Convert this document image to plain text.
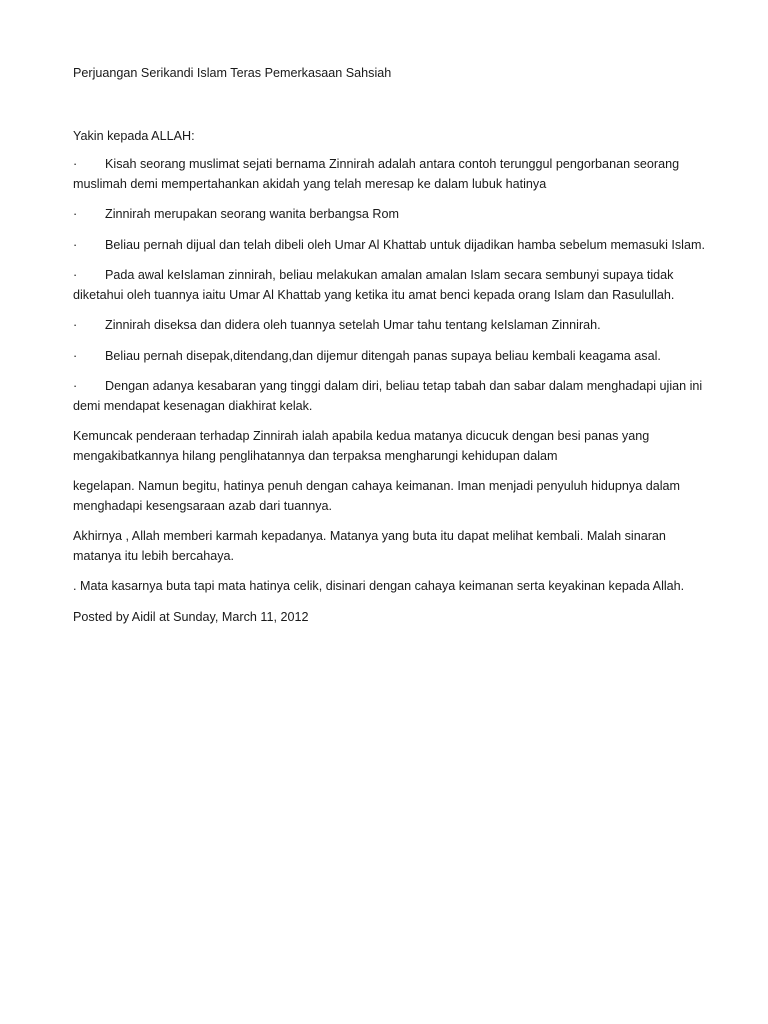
Perjuangan Serikandi Islam Teras Pemerkasaan Sahsiah

Yakin kepada ALLAH:

· Kisah seorang muslimat sejati bernama Zinnirah adalah antara contoh terunggul pengorbanan seorang muslimah demi mempertahankan akidah yang telah meresap ke dalam lubuk hatinya

· Zinnirah merupakan seorang wanita berbangsa Rom

· Beliau pernah dijual dan telah dibeli oleh Umar Al Khattab untuk dijadikan hamba sebelum memasuki Islam.

· Pada awal keIslaman zinnirah, beliau melakukan amalan amalan Islam secara sembunyi supaya tidak diketahui oleh tuannya iaitu Umar Al Khattab yang ketika itu amat benci kepada orang Islam dan Rasulullah.

· Zinnirah diseksa dan didera oleh tuannya setelah Umar tahu tentang keIslaman Zinnirah.

· Beliau pernah disepak,ditendang,dan dijemur ditengah panas supaya beliau kembali keagama asal.

· Dengan adanya kesabaran yang tinggi dalam diri, beliau tetap tabah dan sabar dalam menghadapi ujian ini demi mendapat kesenagan diakhirat kelak.

Kemuncak penderaan terhadap Zinnirah ialah apabila kedua matanya dicucuk dengan besi panas yang mengakibatkannya hilang penglihatannya dan terpaksa mengharungi kehidupan dalam

kegelapan. Namun begitu, hatinya penuh dengan cahaya keimanan. Iman menjadi penyuluh hidupnya dalam menghadapi kesengsaraan azab dari tuannya.

Akhirnya , Allah memberi karmah kepadanya. Matanya yang buta itu dapat melihat kembali. Malah sinaran matanya itu lebih bercahaya.

. Mata kasarnya buta tapi mata hatinya celik, disinari dengan cahaya keimanan serta keyakinan kepada Allah.

Posted by Aidil at Sunday, March 11, 2012
